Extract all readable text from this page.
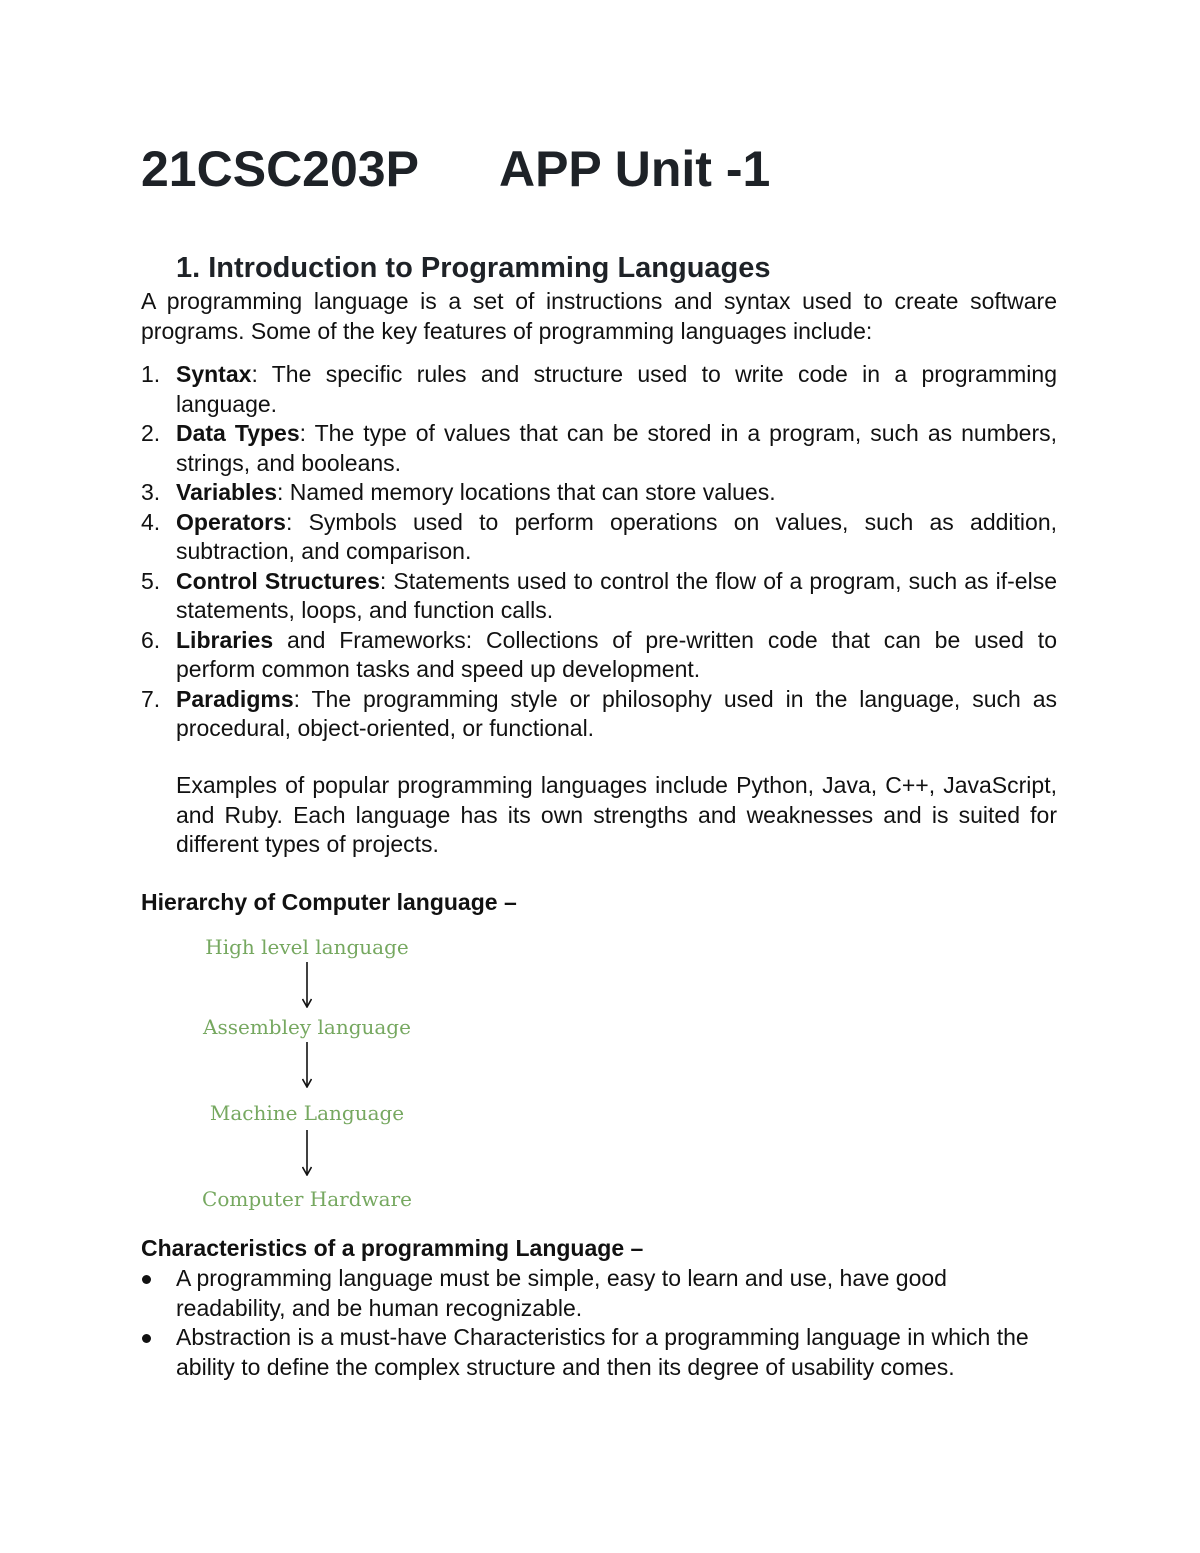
21CSC203P APP Unit -1
1. Introduction to Programming Languages

A programming language is a set of instructions and syntax used to create software programs. Some of the key features of programming languages include:

1. Syntax: The specific rules and structure used to write code in a programming language.
2. Data Types: The type of values that can be stored in a program, such as numbers, strings, and booleans.
3. Variables: Named memory locations that can store values.
4. Operators: Symbols used to perform operations on values, such as addition, subtraction, and comparison.
5. Control Structures: Statements used to control the flow of a program, such as if-else statements, loops, and function calls.
6. Libraries and Frameworks: Collections of pre-written code that can be used to perform common tasks and speed up development.
7. Paradigms: The programming style or philosophy used in the language, such as procedural, object-oriented, or functional.

Examples of popular programming languages include Python, Java, C++, JavaScript, and Ruby. Each language has its own strengths and weaknesses and is suited for different types of projects.

Hierarchy of Computer language –
High level language
Assembley language
Machine Language
Computer Hardware
Characteristics of a programming Language –
A programming language must be simple, easy to learn and use, have good readability, and be human recognizable.
Abstraction is a must-have Characteristics for a programming language in which the ability to define the complex structure and then its degree of usability comes.
